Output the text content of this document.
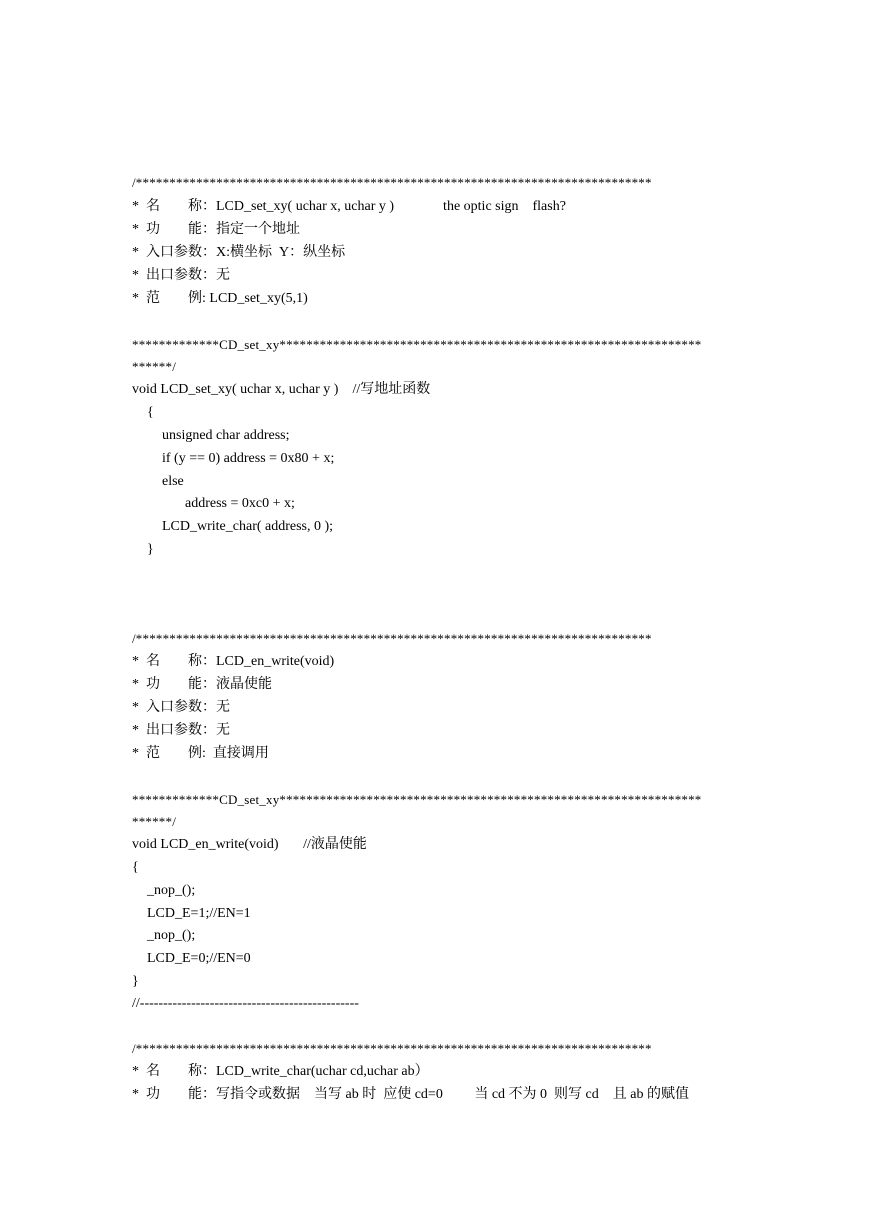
/*****************************************************************************
*  名        称：LCD_set_xy( uchar x, uchar y )              the optic sign    flash?
*  功        能：指定一个地址
*  入口参数：X:横坐标  Y：纵坐标
*  出口参数：无
*  范        例: LCD_set_xy(5,1)
*************CD_set_xy***************************************************************
******/
void LCD_set_xy( uchar x, uchar y )    //写地址函数
{
unsigned char address;
if (y == 0) address = 0x80 + x;
else
address = 0xc0 + x;
LCD_write_char( address, 0 );
}
/*****************************************************************************
*  名        称：LCD_en_write(void)
*  功        能：液晶使能
*  入口参数：无
*  出口参数：无
*  范        例:  直接调用
*************CD_set_xy***************************************************************
******/
void LCD_en_write(void)       //液晶使能
{
_nop_();
LCD_E=1;//EN=1
_nop_();
LCD_E=0;//EN=0
}
//-----------------------------------------------
/*****************************************************************************
*  名        称：LCD_write_char(uchar cd,uchar ab）
*  功        能：写指令或数据    当写 ab 时  应使 cd=0         当 cd 不为 0  则写 cd    且 ab 的赋值
